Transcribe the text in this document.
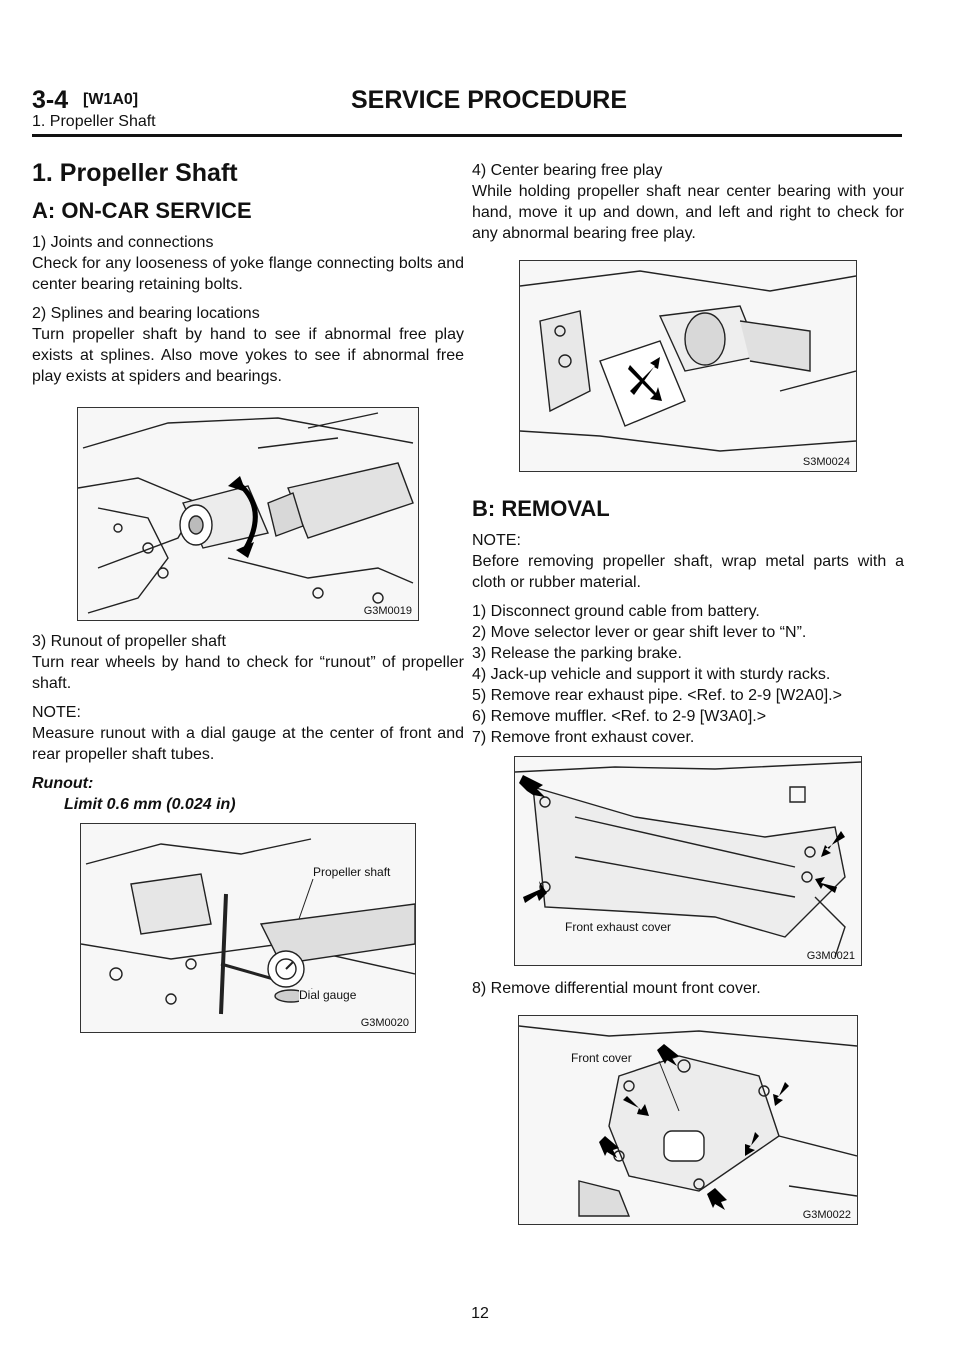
3-4 [W1A0]	SERVICE PROCEDURE
1. Propeller Shaft
1. Propeller Shaft
A: ON-CAR SERVICE

1) Joints and connections
Check for any looseness of yoke flange connecting bolts and center bearing retaining bolts.

2) Splines and bearing locations
Turn propeller shaft by hand to see if abnormal free play exists at splines. Also move yokes to see if abnormal free play exists at spiders and bearings.

G3M0019

3) Runout of propeller shaft
Turn rear wheels by hand to check for “runout” of propeller shaft.

NOTE:
Measure runout with a dial gauge at the center of front and rear propeller shaft tubes.

Runout:
Limit 0.6 mm (0.024 in)

Propeller shaft
Dial gauge
G3M0020

4) Center bearing free play
While holding propeller shaft near center bearing with your hand, move it up and down, and left and right to check for any abnormal bearing free play.

S3M0024
B: REMOVAL

NOTE:
Before removing propeller shaft, wrap metal parts with a cloth or rubber material.

1) Disconnect ground cable from battery.
2) Move selector lever or gear shift lever to “N”.
3) Release the parking brake.
4) Jack-up vehicle and support it with sturdy racks.
5) Remove rear exhaust pipe. <Ref. to 2-9 [W2A0].>
6) Remove muffler. <Ref. to 2-9 [W3A0].>
7) Remove front exhaust cover.

Front exhaust cover
G3M0021

8) Remove differential mount front cover.

Front cover
G3M0022
12
